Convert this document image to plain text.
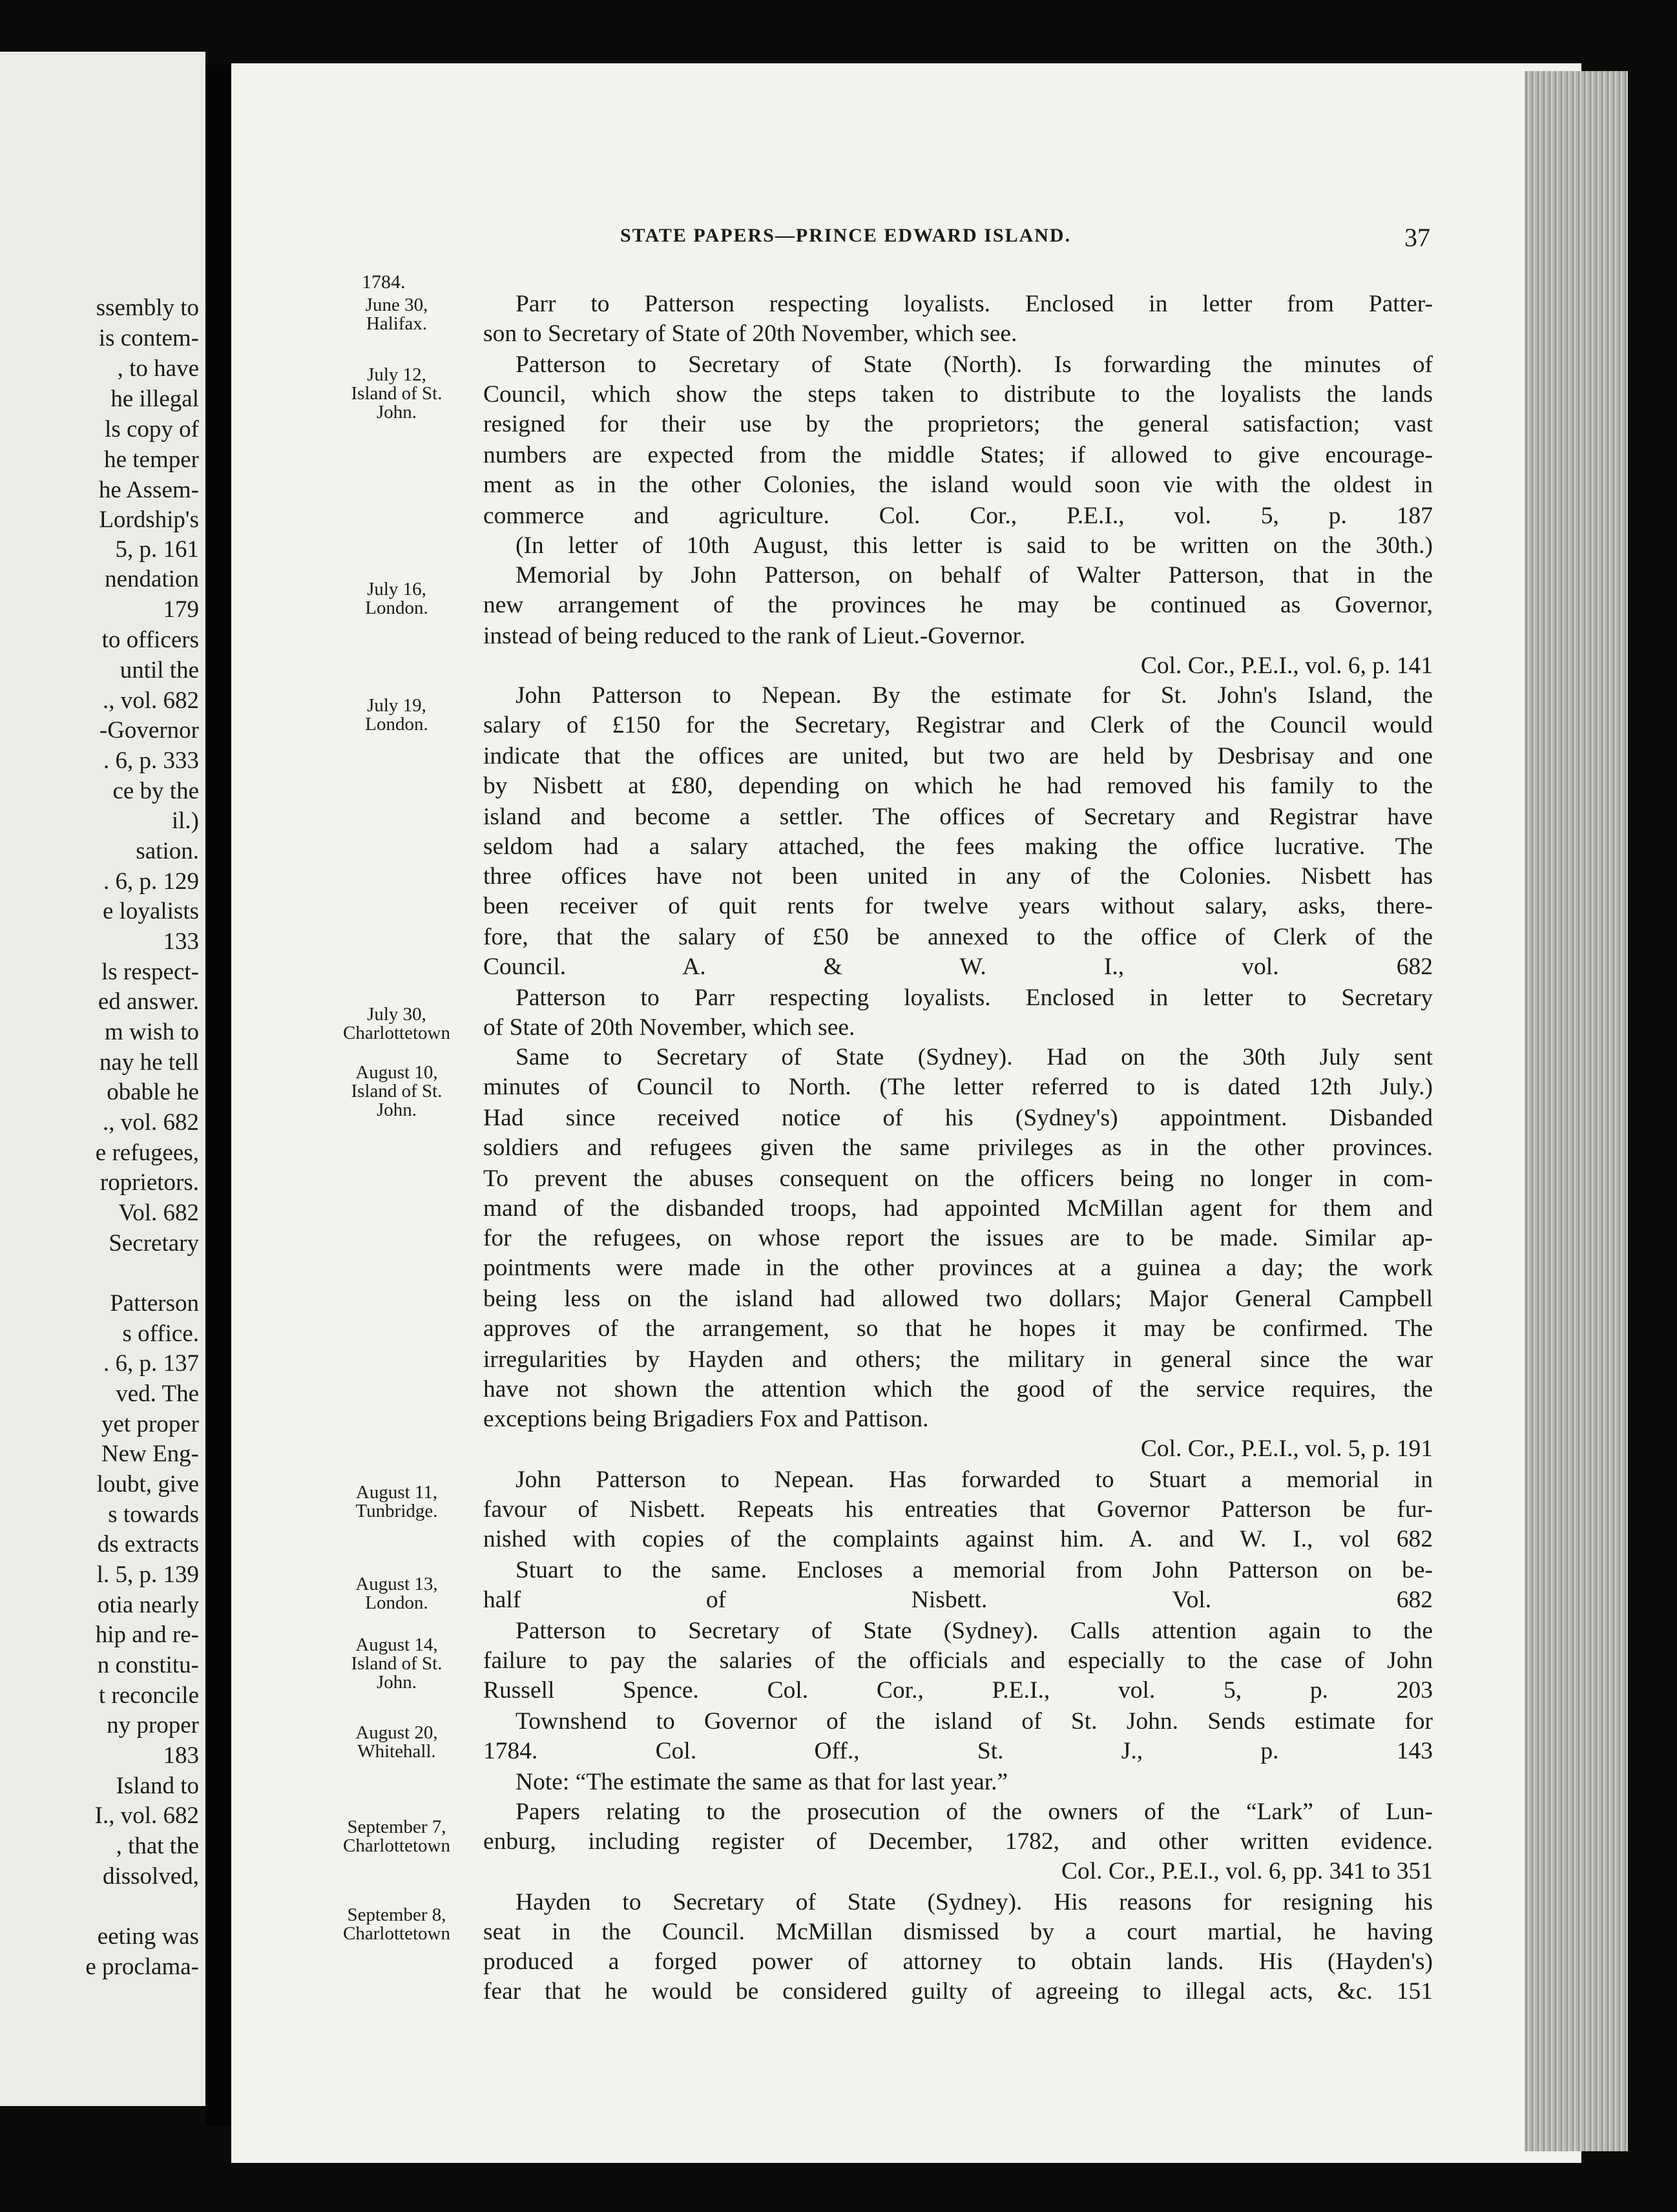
ssembly to
is contem-
, to have
he illegal
ls copy of
he temper
he Assem-
Lordship's
5, p. 161
nendation
179
to officers
until the
., vol. 682
-Governor
. 6, p. 333
ce by the
il.)
sation.
. 6, p. 129
e loyalists
133
ls respect-
ed answer.
m wish to
nay he tell
obable he
., vol. 682
e refugees,
roprietors.
Vol. 682
Secretary
Patterson
s office.
. 6, p. 137
ved. The
yet proper
New Eng-
loubt, give
s towards
ds extracts
l. 5, p. 139
otia nearly
hip and re-
n constitu-
t reconcile
ny proper
183
Island to
I., vol. 682
, that the
dissolved,
eeting was
e proclama-
STATE PAPERS—PRINCE EDWARD ISLAND.	37
1784.
June 30,
Halifax.
July 12,
Island of St.
John.
July 16,
London.
July 19,
London.
July 30,
Charlottetown
August 10,
Island of St.
John.
August 11,
Tunbridge.
August 13,
London.
August 14,
Island of St.
John.
August 20,
Whitehall.
September 7,
Charlottetown
September 8,
Charlottetown
Parr to Patterson respecting loyalists. Enclosed in letter from Patter-
son to Secretary of State of 20th November, which see.
Patterson to Secretary of State (North). Is forwarding the minutes of
Council, which show the steps taken to distribute to the loyalists the lands
resigned for their use by the proprietors; the general satisfaction; vast
numbers are expected from the middle States; if allowed to give encourage-
ment as in the other Colonies, the island would soon vie with the oldest in
commerce and agriculture. Col. Cor., P.E.I., vol. 5, p. 187
(In letter of 10th August, this letter is said to be written on the 30th.)
Memorial by John Patterson, on behalf of Walter Patterson, that in the
new arrangement of the provinces he may be continued as Governor,
instead of being reduced to the rank of Lieut.-Governor.
Col. Cor., P.E.I., vol. 6, p. 141
John Patterson to Nepean. By the estimate for St. John's Island, the
salary of £150 for the Secretary, Registrar and Clerk of the Council would
indicate that the offices are united, but two are held by Desbrisay and one
by Nisbett at £80, depending on which he had removed his family to the
island and become a settler. The offices of Secretary and Registrar have
seldom had a salary attached, the fees making the office lucrative. The
three offices have not been united in any of the Colonies. Nisbett has
been receiver of quit rents for twelve years without salary, asks, there-
fore, that the salary of £50 be annexed to the office of Clerk of the
Council. A. & W. I., vol. 682
Patterson to Parr respecting loyalists. Enclosed in letter to Secretary
of State of 20th November, which see.
Same to Secretary of State (Sydney). Had on the 30th July sent
minutes of Council to North. (The letter referred to is dated 12th July.)
Had since received notice of his (Sydney's) appointment. Disbanded
soldiers and refugees given the same privileges as in the other provinces.
To prevent the abuses consequent on the officers being no longer in com-
mand of the disbanded troops, had appointed McMillan agent for them and
for the refugees, on whose report the issues are to be made. Similar ap-
pointments were made in the other provinces at a guinea a day; the work
being less on the island had allowed two dollars; Major General Campbell
approves of the arrangement, so that he hopes it may be confirmed. The
irregularities by Hayden and others; the military in general since the war
have not shown the attention which the good of the service requires, the
exceptions being Brigadiers Fox and Pattison.
Col. Cor., P.E.I., vol. 5, p. 191
John Patterson to Nepean. Has forwarded to Stuart a memorial in
favour of Nisbett. Repeats his entreaties that Governor Patterson be fur-
nished with copies of the complaints against him. A. and W. I., vol 682
Stuart to the same. Encloses a memorial from John Patterson on be-
half of Nisbett. Vol. 682
Patterson to Secretary of State (Sydney). Calls attention again to the
failure to pay the salaries of the officials and especially to the case of John
Russell Spence. Col. Cor., P.E.I., vol. 5, p. 203
Townshend to Governor of the island of St. John. Sends estimate for
1784. Col. Off., St. J., p. 143
Note: “The estimate the same as that for last year.”
Papers relating to the prosecution of the owners of the “Lark” of Lun-
enburg, including register of December, 1782, and other written evidence.
Col. Cor., P.E.I., vol. 6, pp. 341 to 351
Hayden to Secretary of State (Sydney). His reasons for resigning his
seat in the Council. McMillan dismissed by a court martial, he having
produced a forged power of attorney to obtain lands. His (Hayden's)
fear that he would be considered guilty of agreeing to illegal acts, &c. 151
